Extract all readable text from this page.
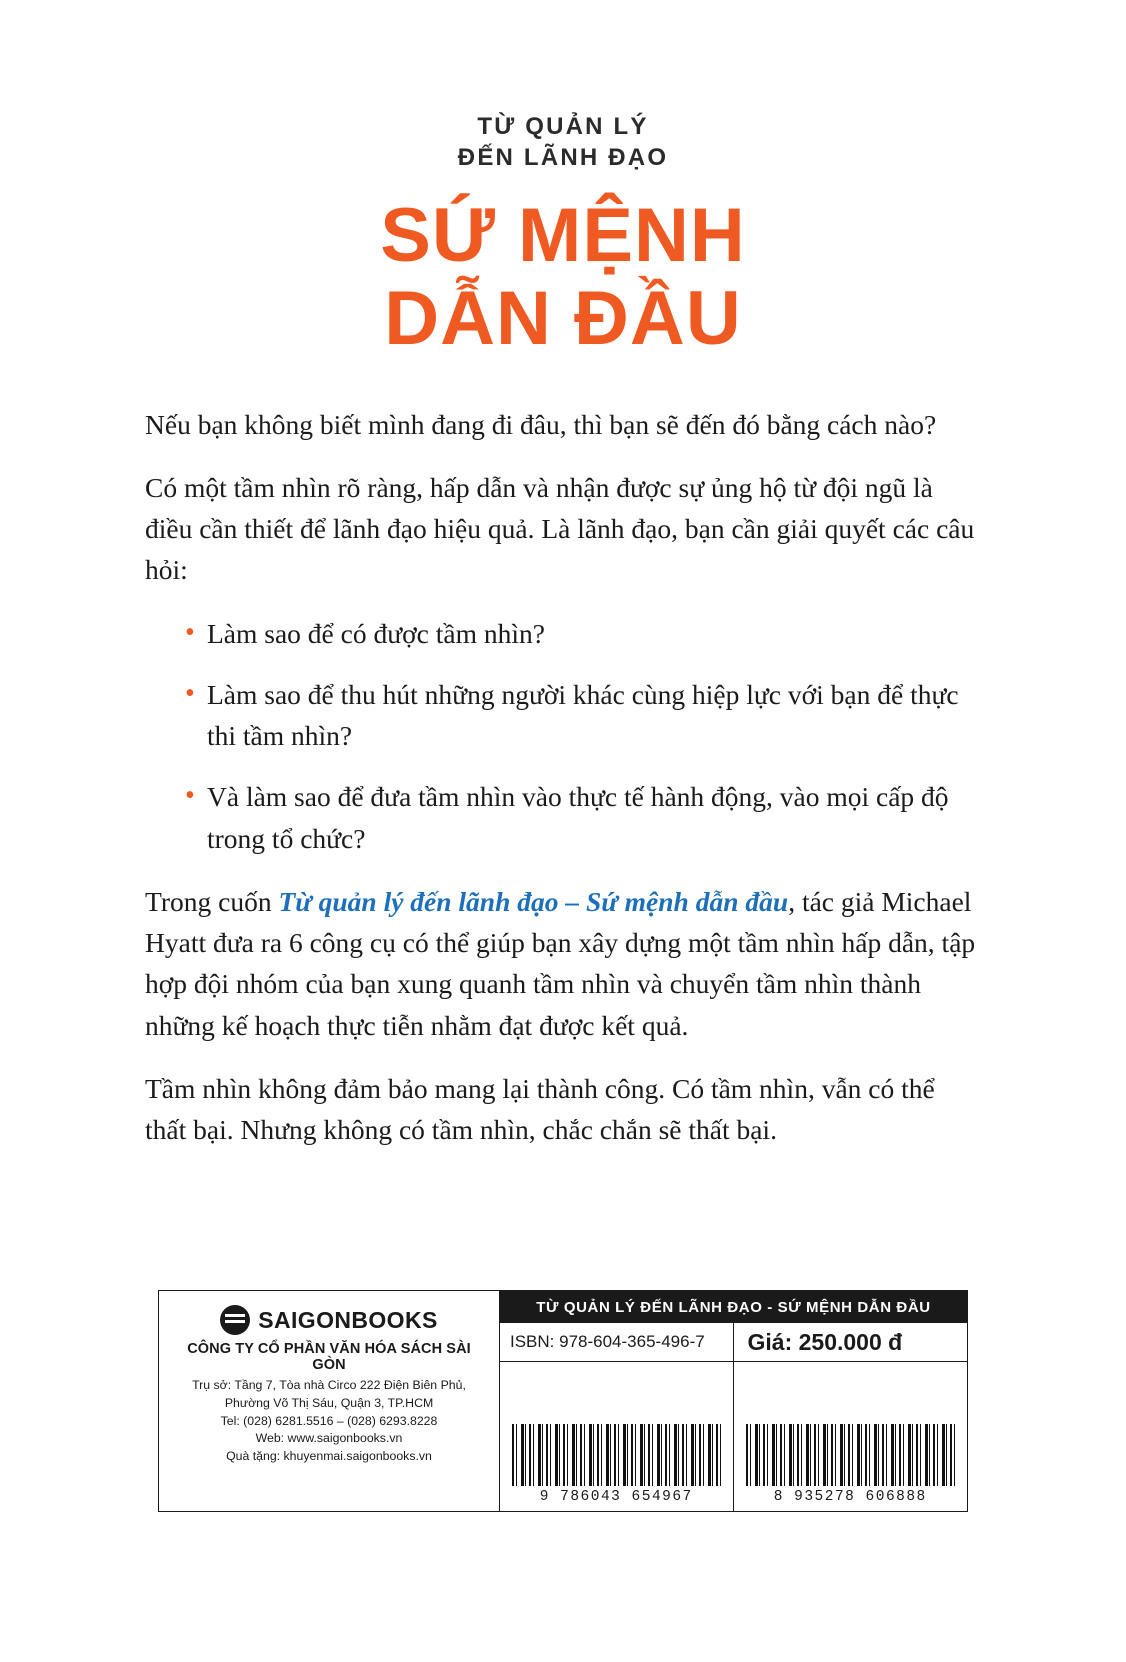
TỪ QUẢN LÝ
ĐẾN LÃNH ĐẠO
SỨ MỆNH
DẪN ĐẦU

Nếu bạn không biết mình đang đi đâu, thì bạn sẽ đến đó bằng cách nào?

Có một tầm nhìn rõ ràng, hấp dẫn và nhận được sự ủng hộ từ đội ngũ là điều cần thiết để lãnh đạo hiệu quả. Là lãnh đạo, bạn cần giải quyết các câu hỏi:

• Làm sao để có được tầm nhìn?
• Làm sao để thu hút những người khác cùng hiệp lực với bạn để thực thi tầm nhìn?
• Và làm sao để đưa tầm nhìn vào thực tế hành động, vào mọi cấp độ trong tổ chức?

Trong cuốn Từ quản lý đến lãnh đạo – Sứ mệnh dẫn đầu, tác giả Michael Hyatt đưa ra 6 công cụ có thể giúp bạn xây dựng một tầm nhìn hấp dẫn, tập hợp đội nhóm của bạn xung quanh tầm nhìn và chuyển tầm nhìn thành những kế hoạch thực tiễn nhằm đạt được kết quả.

Tầm nhìn không đảm bảo mang lại thành công. Có tầm nhìn, vẫn có thể thất bại. Nhưng không có tầm nhìn, chắc chắn sẽ thất bại.

SAIGONBOOKS
CÔNG TY CỔ PHẦN VĂN HÓA SÁCH SÀI GÒN
Trụ sở: Tầng 7, Tòa nhà Circo 222 Điện Biên Phủ,
Phường Võ Thị Sáu, Quận 3, TP.HCM
Tel: (028) 6281.5516 – (028) 6293.8228
Web: www.saigonbooks.vn
Quà tặng: khuyenmai.saigonbooks.vn
TỪ QUẢN LÝ ĐẾN LÃNH ĐẠO - SỨ MỆNH DẪN ĐẦU
ISBN: 978-604-365-496-7	Giá: 250.000 đ
9 786043 654967	8 935278 606888
